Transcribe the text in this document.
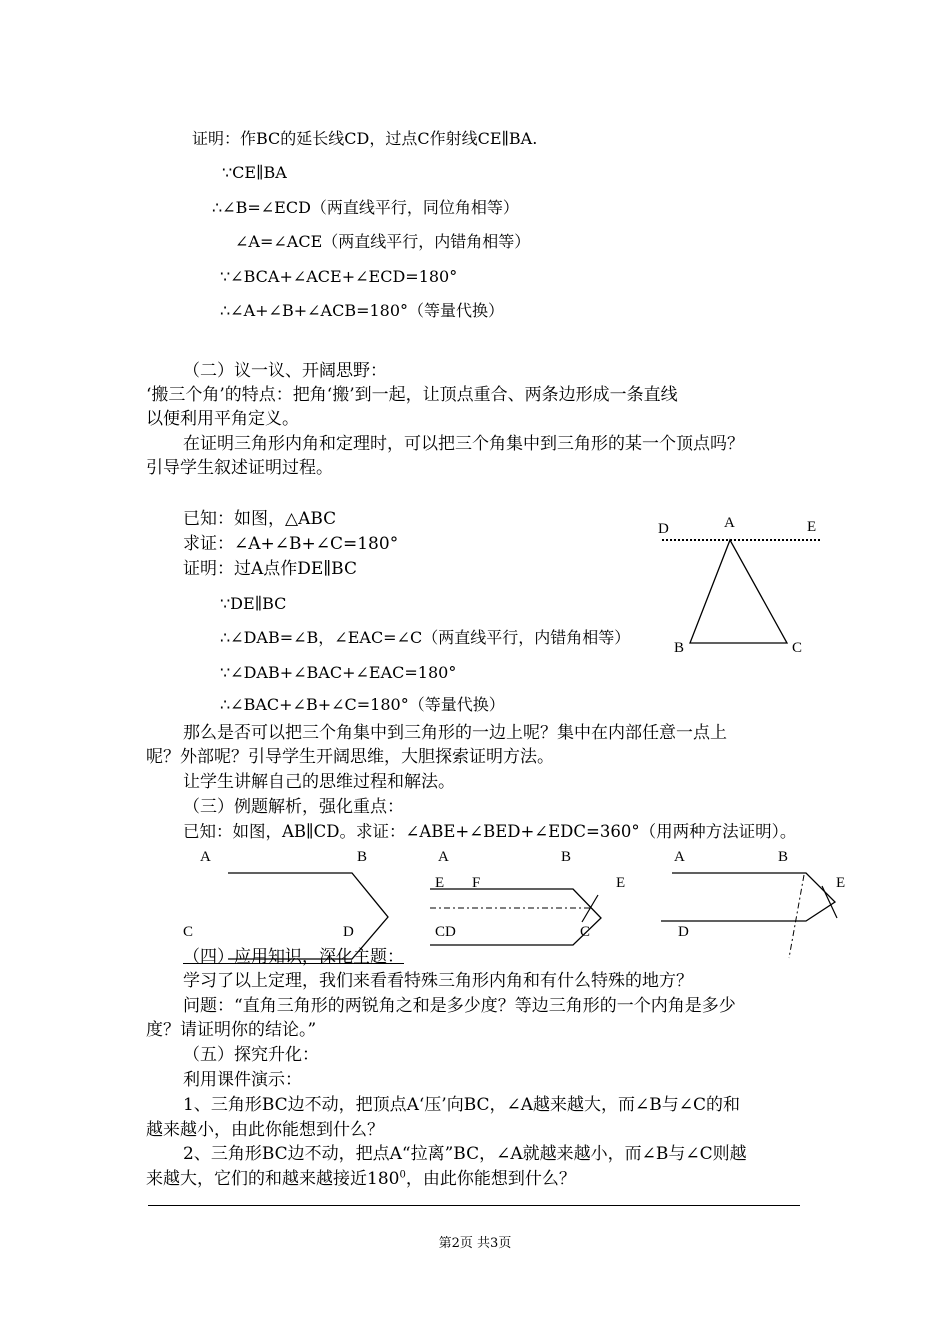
证明：作BC的延长线CD，过点C作射线CE∥BA.
∵CE∥BA
∴∠B=∠ECD（两直线平行，同位角相等）
∠A=∠ACE（两直线平行，内错角相等）
∵∠BCA+∠ACE+∠ECD=180°
∴∠A+∠B+∠ACB=180°（等量代换）
（二）议一议、开阔思野：
‘搬三个角’的特点：把角‘搬’到一起，让顶点重合、两条边形成一条直线
以便利用平角定义。
在证明三角形内角和定理时，可以把三个角集中到三角形的某一个顶点吗？
引导学生叙述证明过程。
已知：如图，△ABC
求证：∠A+∠B+∠C=180°
证明：过A点作DE∥BC
∵DE∥BC
∴∠DAB=∠B，∠EAC=∠C（两直线平行，内错角相等）
∵∠DAB+∠BAC+∠EAC=180°
∴∠BAC+∠B+∠C=180°（等量代换）
那么是否可以把三个角集中到三角形的一边上呢？集中在内部任意一点上
呢？外部呢？引导学生开阔思维，大胆探索证明方法。
让学生讲解自己的思维过程和解法。
（三）例题解析，强化重点：
已知：如图，AB∥CD。求证：∠ABE+∠BED+∠EDC=360°（用两种方法证明）。
（四）应用知识，深化主题：
学习了以上定理，我们来看看特殊三角形内角和有什么特殊的地方？
问题：“直角三角形的两锐角之和是多少度？等边三角形的一个内角是多少
度？请证明你的结论。”
（五）探究升化：
利用课件演示：
1、三角形BC边不动，把顶点A‘压’向BC，∠A越来越大，而∠B与∠C的和
越来越小，由此你能想到什么？
2、三角形BC边不动，把点A“拉离”BC，∠A就越来越小，而∠B与∠C则越
来越大，它们的和越来越接近$180^0$，由此你能想到什么？
D	A	E
B	C
A	B
C	D
A	B
E F	E
CD	C
A	B
E
D
第2页 共3页
